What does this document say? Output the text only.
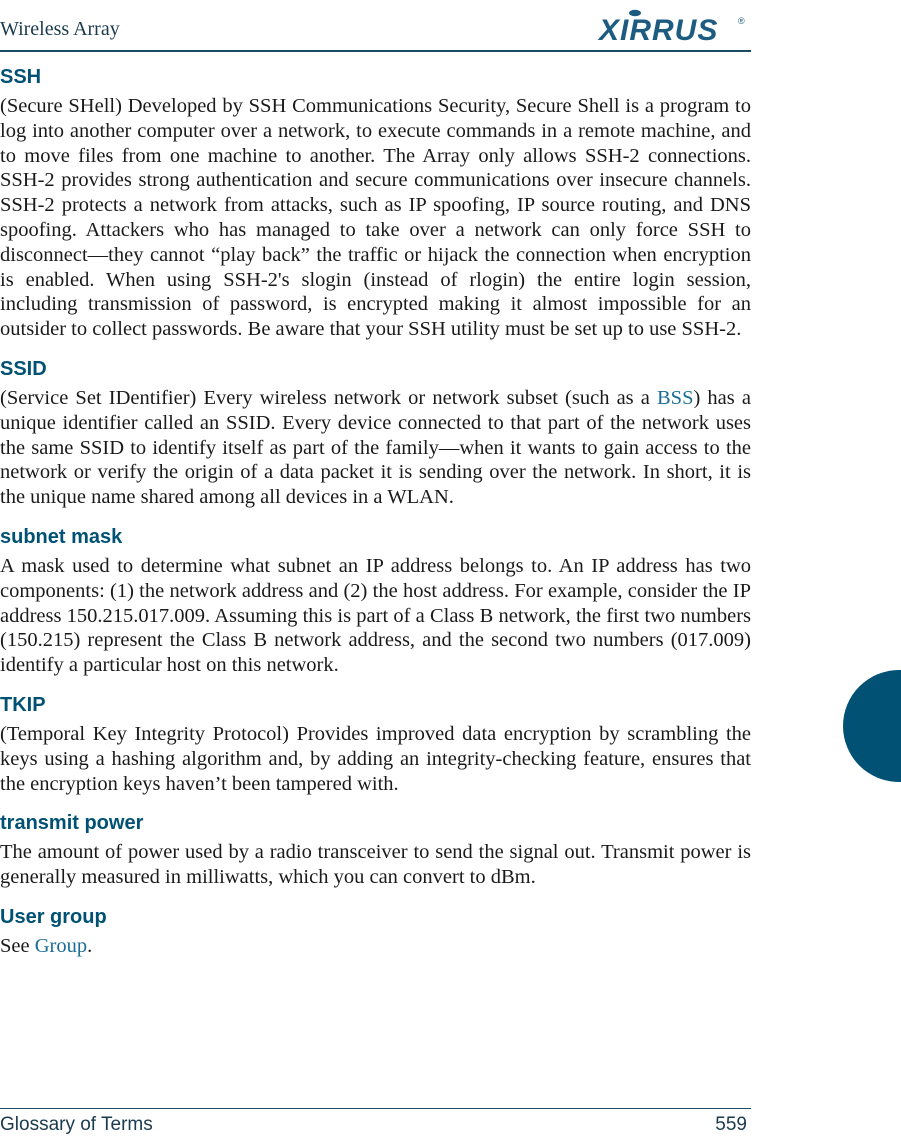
Wireless Array	XIRRUS ®
SSH

(Secure SHell) Developed by SSH Communications Security, Secure Shell is a program to log into another computer over a network, to execute commands in a remote machine, and to move files from one machine to another. The Array only allows SSH-2 connections. SSH-2 provides strong authentication and secure communications over insecure channels. SSH-2 protects a network from attacks, such as IP spoofing, IP source routing, and DNS spoofing. Attackers who has managed to take over a network can only force SSH to disconnect—they cannot “play back” the traffic or hijack the connection when encryption is enabled. When using SSH-2's slogin (instead of rlogin) the entire login session, including transmission of password, is encrypted making it almost impossible for an outsider to collect passwords. Be aware that your SSH utility must be set up to use SSH-2.

SSID

(Service Set IDentifier) Every wireless network or network subset (such as a BSS) has a unique identifier called an SSID. Every device connected to that part of the network uses the same SSID to identify itself as part of the family—when it wants to gain access to the network or verify the origin of a data packet it is sending over the network. In short, it is the unique name shared among all devices in a WLAN.

subnet mask

A mask used to determine what subnet an IP address belongs to. An IP address has two components: (1) the network address and (2) the host address. For example, consider the IP address 150.215.017.009. Assuming this is part of a Class B network, the first two numbers (150.215) represent the Class B network address, and the second two numbers (017.009) identify a particular host on this network.

TKIP

(Temporal Key Integrity Protocol) Provides improved data encryption by scrambling the keys using a hashing algorithm and, by adding an integrity-checking feature, ensures that the encryption keys haven’t been tampered with.

transmit power

The amount of power used by a radio transceiver to send the signal out. Transmit power is generally measured in milliwatts, which you can convert to dBm.

User group

See Group.

Glossary of Terms	559
